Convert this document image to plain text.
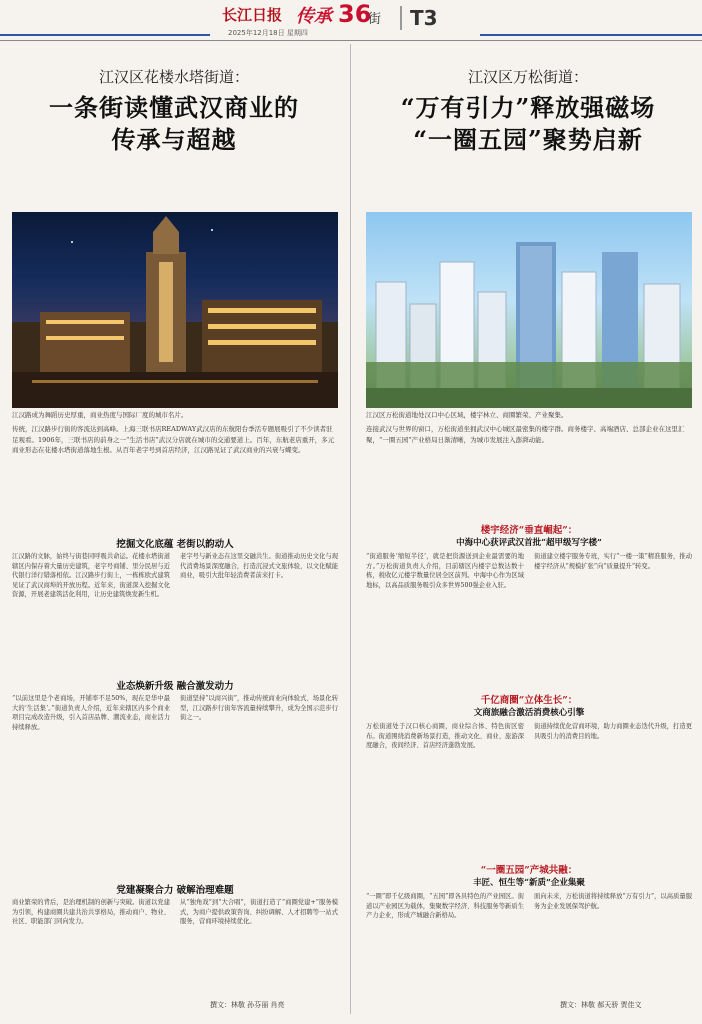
长江日报 传承 36
街	T3
2025年12月18日 星期四
江汉区花楼水塔街道：
一条街读懂武汉商业的
传承与超越
江汉路成为舞蹈历史厚重，商业热度与国际厂度的城市名片。
传统，江汉路步行街的客流达到高峰。上海三联书店READWAY武汉店的东航阳台季活专题展吸引了不少读者驻足观看。1906年，三联书店的前身之一“生活书店”武汉分店就在城市的交通要道上。百年，东航老店重开，多元商业形态在花楼水塔街道落地生根。从百年老字号到首店经济，江汉路见证了武汉商业的兴衰与蝶变。
挖掘文化底蕴 老街以韵动人

江汉路的文脉，始终与街巷同呼吸共命运。花楼水塔街道辖区内保存着大量历史建筑，老字号商铺、里分民居与近代银行洋行错落相依。江汉路步行街上，一栋栋欧式建筑见证了武汉商埠的开放历程。近年来，街道深入挖掘文化资源，开展老建筑活化利用，让历史建筑焕发新生机。

老字号与新业态在这里交融共生。街道推动历史文化与现代消费场景深度融合，打造沉浸式文旅体验，以文化赋能商业，吸引大批年轻消费者前来打卡。

业态焕新升级 融合激发动力

“以前这里是个老商场，开铺率不足50%，现在是华中最大的‘生活集’。”街道负责人介绍，近年来辖区内多个商业项目完成改造升级，引入首店品牌、潮流业态，商业活力持续释放。

街道坚持“以商兴街”，推动传统商业向体验式、场景化转型，江汉路步行街年客流量持续攀升，成为全国示范步行街之一。

党建凝聚合力 破解治理难题

商业繁荣的背后，是治理机制的创新与突破。街道以党建为引领，构建商圈共建共治共享格局，推动商户、物业、社区、职能部门同向发力。

从“独角戏”到“大合唱”，街道打造了“商圈党建+”服务模式，为商户提供政策咨询、纠纷调解、人才招聘等一站式服务，营商环境持续优化。

撰文：林敬 孙芬丽 肖亮
江汉区万松街道：
“万有引力”释放强磁场
“一圈五园”聚势启新
江汉区万松街道地处汉口中心区域，楼宇林立、商圈繁荣、产业聚集。
连接武汉与世界的窗口，万松街道坐拥武汉中心城区最密集的楼宇群。商务楼宇、高端酒店、总部企业在这里汇聚，“一圈五园”产业格局日渐清晰，为城市发展注入澎湃动能。
楼宇经济“垂直崛起”：
中海中心获评武汉首批“超甲级写字楼”

“街道服务‘缩短半径’，就是把资源送到企业最需要的地方。”万松街道负责人介绍，目前辖区内楼宇总数达数十栋，税收亿元楼宇数量位居全区前列。中海中心作为区域地标，以高品质服务吸引众多世界500强企业入驻。

街道建立楼宇服务专班，实行“一楼一策”精准服务，推动楼宇经济从“规模扩张”向“质量提升”转变。

千亿商圈“立体生长”：
文商旅融合激活消费核心引擎

万松街道处于汉口核心商圈，商业综合体、特色街区密布。街道围绕消费新场景打造，推动文化、商业、旅游深度融合，夜间经济、首店经济蓬勃发展。

街道持续优化营商环境，助力商圈业态迭代升级，打造更具吸引力的消费目的地。

“一圈五园”产城共融：
丰匠、恒生等“新质”企业集聚

“一圈”即千亿级商圈，“五园”即各具特色的产业园区。街道以产业园区为载体，集聚数字经济、科技服务等新质生产力企业，形成产城融合新格局。

面向未来，万松街道将持续释放“万有引力”，以高质量服务为企业发展保驾护航。

撰文：林敬 郝天骄 贾佳文
